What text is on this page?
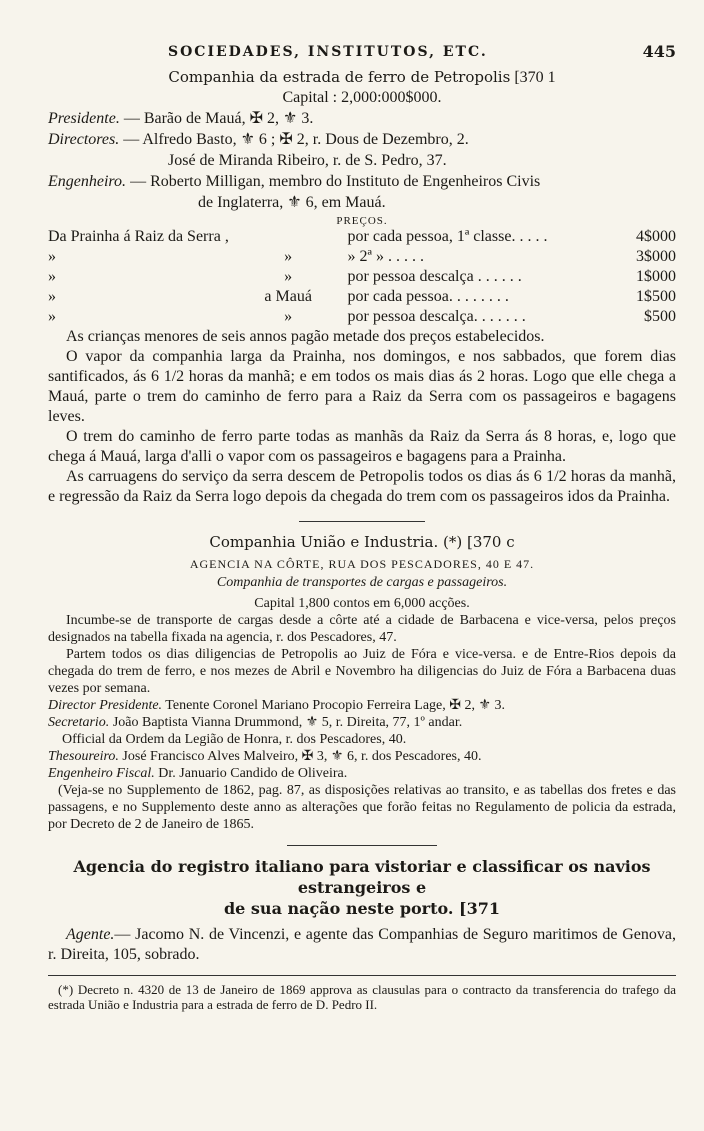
SOCIEDADES, INSTITUTOS, ETC.	445
Companhia da estrada de ferro de Petropolis [370 1
Capital : 2,000:000$000.
Presidente. — Barão de Mauá, ✠ 2, ⚜ 3.
Directores. — Alfredo Basto, ⚜ 6 ; ✠ 2, r. Dous de Dezembro, 2.
José de Miranda Ribeiro, r. de S. Pedro, 37.
Engenheiro. — Roberto Milligan, membro do Instituto de Engenheiros Civis
de Inglaterra, ⚜ 6, em Mauá.
PREÇOS.
Da Prainha á Raiz da Serra ,		por cada pessoa, 1ª classe. . . . .	4$000
»	»	» 2ª » . . . . .	3$000
»	»	por pessoa descalça . . . . . .	1$000
»	a Mauá	por cada pessoa. . . . . . . .	1$500
»	»	por pessoa descalça. . . . . . .	$500

As crianças menores de seis annos pagão metade dos preços estabelecidos.

O vapor da companhia larga da Prainha, nos domingos, e nos sabbados, que forem dias santificados, ás 6 1/2 horas da manhã; e em todos os mais dias ás 2 horas. Logo que elle chega a Mauá, parte o trem do caminho de ferro para a Raiz da Serra com os passageiros e bagagens leves.

O trem do caminho de ferro parte todas as manhãs da Raiz da Serra ás 8 horas, e, logo que chega á Mauá, larga d'alli o vapor com os passageiros e bagagens para a Prainha.

As carruagens do serviço da serra descem de Petropolis todos os dias ás 6 1/2 horas da manhã, e regressão da Raiz da Serra logo depois da chegada do trem com os passageiros idos da Prainha.

Companhia União e Industria. (*) [370 c
AGENCIA NA CÔRTE, RUA DOS PESCADORES, 40 E 47.
Companhia de transportes de cargas e passageiros.
Capital 1,800 contos em 6,000 acções.

Incumbe-se de transporte de cargas desde a côrte até a cidade de Barbacena e vice-versa, pelos preços designados na tabella fixada na agencia, r. dos Pescadores, 47.

Partem todos os dias diligencias de Petropolis ao Juiz de Fóra e vice-versa. e de Entre-Rios depois da chegada do trem de ferro, e nos mezes de Abril e Novembro ha diligencias do Juiz de Fóra a Barbacena duas vezes por semana.

Director Presidente. Tenente Coronel Mariano Procopio Ferreira Lage, ✠ 2, ⚜ 3.
Secretario. João Baptista Vianna Drummond, ⚜ 5, r. Direita, 77, 1º andar.
Official da Ordem da Legião de Honra, r. dos Pescadores, 40.
Thesoureiro. José Francisco Alves Malveiro, ✠ 3, ⚜ 6, r. dos Pescadores, 40.
Engenheiro Fiscal. Dr. Januario Candido de Oliveira.

(Veja-se no Supplemento de 1862, pag. 87, as disposições relativas ao transito, e as tabellas dos fretes e das passagens, e no Supplemento deste anno as alterações que forão feitas no Regulamento de policia da estrada, por Decreto de 2 de Janeiro de 1865.

Agencia do registro italiano para vistoriar e classificar os navios estrangeiros e
de sua nação neste porto. [371

Agente.— Jacomo N. de Vincenzi, e agente das Companhias de Seguro maritimos de Genova, r. Direita, 105, sobrado.

(*) Decreto n. 4320 de 13 de Janeiro de 1869 approva as clausulas para o contracto da transferencia do trafego da estrada União e Industria para a estrada de ferro de D. Pedro II.
